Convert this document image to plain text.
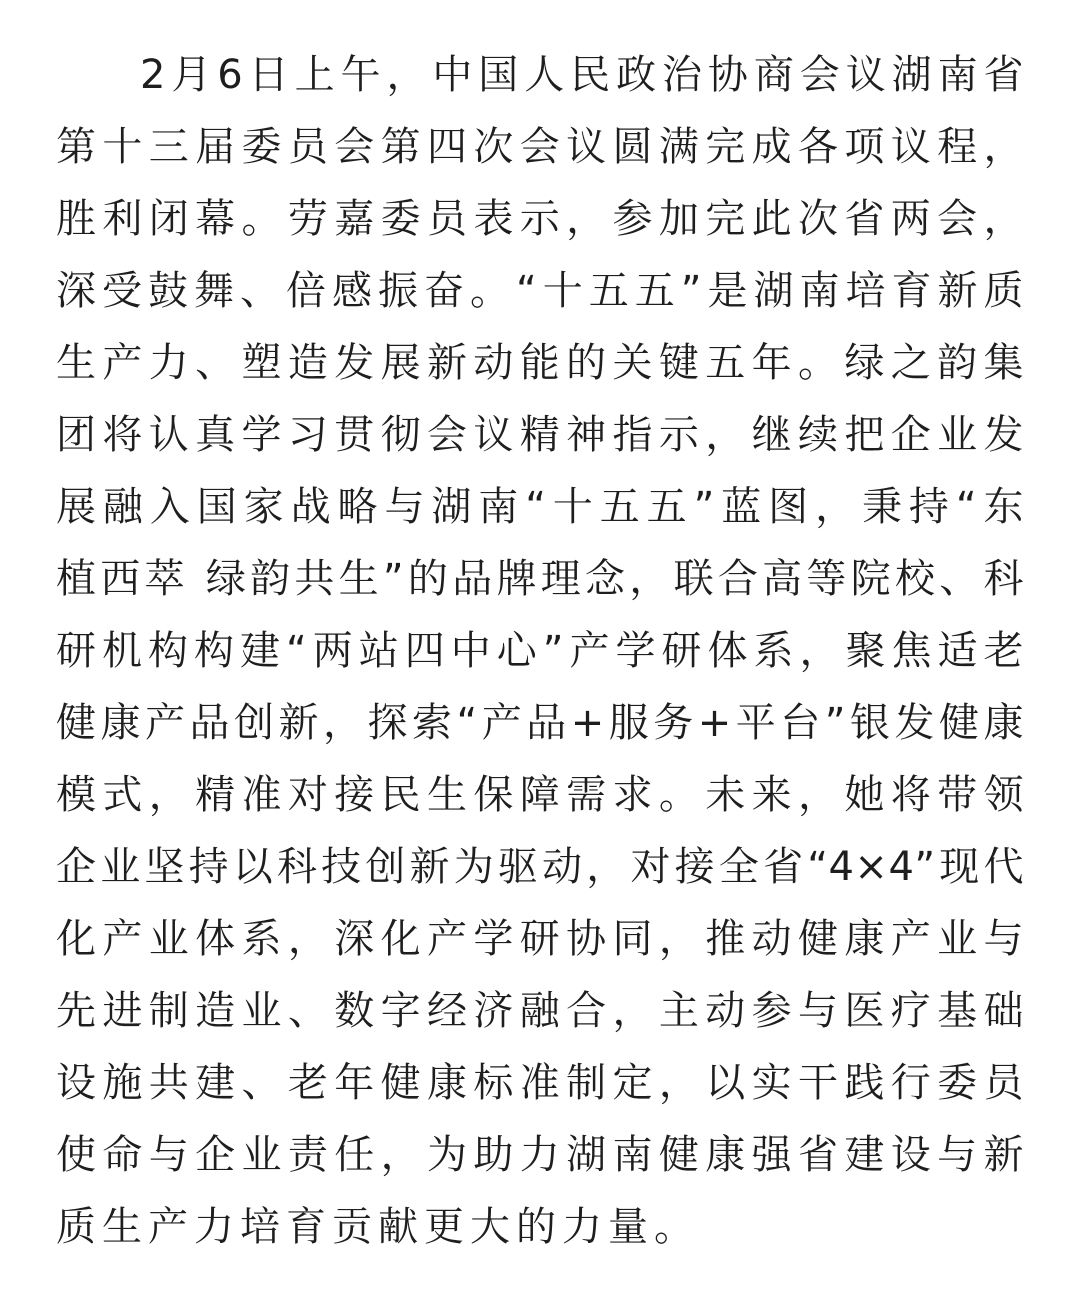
2月6日上午，中国人民政治协商会议湖南省
第十三届委员会第四次会议圆满完成各项议程，
胜利闭幕。劳嘉委员表示，参加完此次省两会，
深受鼓舞、倍感振奋。“十五五”是湖南培育新质
生产力、塑造发展新动能的关键五年。绿之韵集
团将认真学习贯彻会议精神指示，继续把企业发
展融入国家战略与湖南“十五五”蓝图，秉持“东
植西萃 绿韵共生”的品牌理念，联合高等院校、科
研机构构建“两站四中心”产学研体系，聚焦适老
健康产品创新，探索“产品+服务+平台”银发健康
模式，精准对接民生保障需求。未来，她将带领
企业坚持以科技创新为驱动，对接全省“4×4”现代
化产业体系，深化产学研协同，推动健康产业与
先进制造业、数字经济融合，主动参与医疗基础
设施共建、老年健康标准制定，以实干践行委员
使命与企业责任，为助力湖南健康强省建设与新
质生产力培育贡献更大的力量。
